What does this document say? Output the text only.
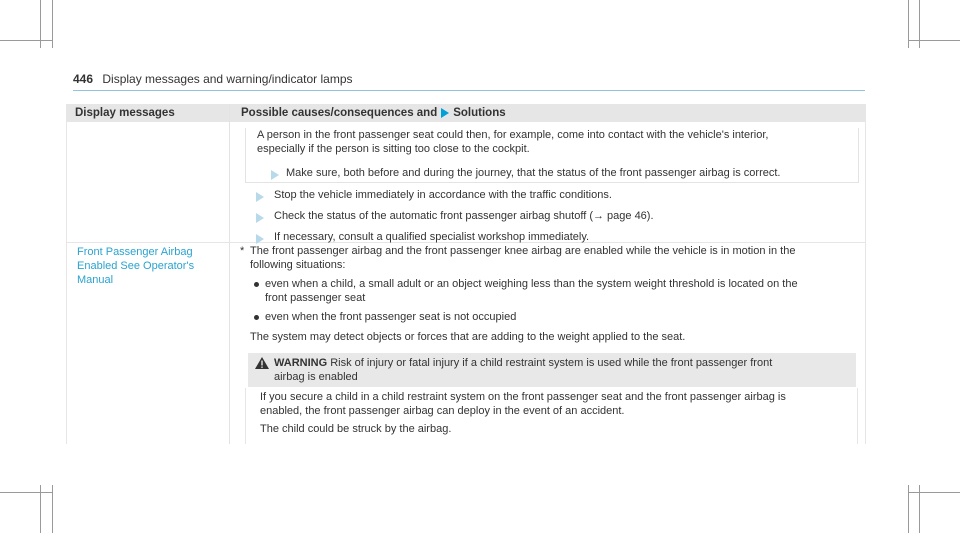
446 Display messages and warning/indicator lamps
Display messages	Possible causes/consequences and Solutions
A person in the front passenger seat could then, for example, come into contact with the vehicle's interior,
especially if the person is sitting too close to the cockpit.
Make sure, both before and during the journey, that the status of the front passenger airbag is correct.
Stop the vehicle immediately in accordance with the traffic conditions.
Check the status of the automatic front passenger airbag shutoff (→ page 46).
If necessary, consult a qualified specialist workshop immediately.
Front Passenger Airbag
Enabled See Operator's
Manual
* The front passenger airbag and the front passenger knee airbag are enabled while the vehicle is in motion in the
following situations:
even when a child, a small adult or an object weighing less than the system weight threshold is located on the
front passenger seat
even when the front passenger seat is not occupied
The system may detect objects or forces that are adding to the weight applied to the seat.
WARNING Risk of injury or fatal injury if a child restraint system is used while the front passenger front
airbag is enabled
If you secure a child in a child restraint system on the front passenger seat and the front passenger airbag is
enabled, the front passenger airbag can deploy in the event of an accident.
The child could be struck by the airbag.
